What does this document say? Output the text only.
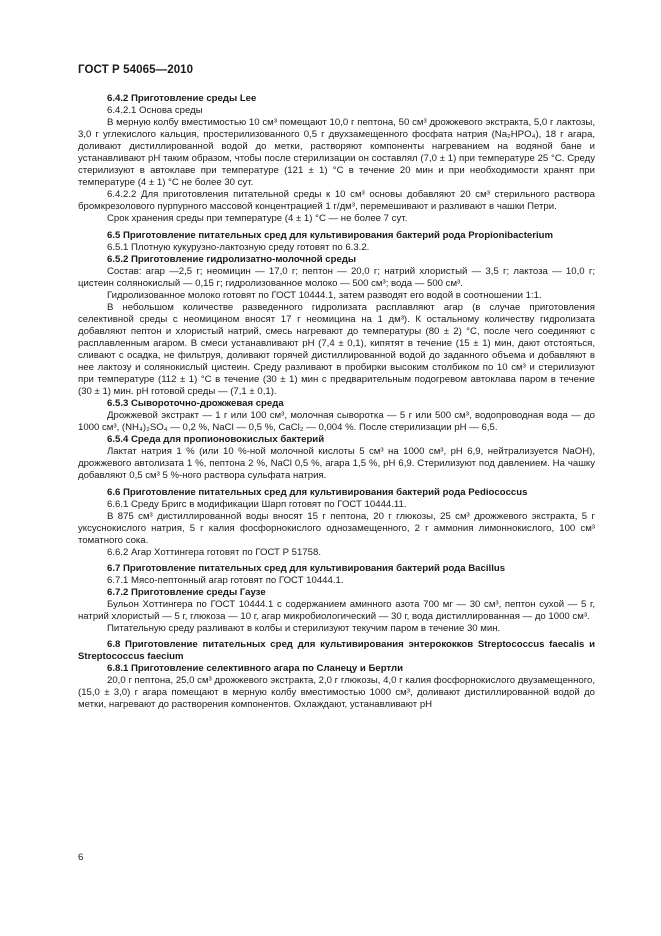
ГОСТ Р 54065—2010

6.4.2 Приготовление среды Lee

6.4.2.1 Основа среды

В мерную колбу вместимостью 10 см³ помещают 10,0 г пептона, 50 см³ дрожжевого экстракта, 5,0 г лактозы, 3,0 г углекислого кальция, простерилизованного 0,5 г двухзамещенного фосфата натрия (Na₂HPO₄), 18 г агара, доливают дистиллированной водой до метки, растворяют компоненты нагреванием на водяной бане и устанавливают pH таким образом, чтобы после стерилизации он составлял (7,0 ± 1) при температуре 25 °С. Среду стерилизуют в автоклаве при температуре (121 ± 1) °С в течение 20 мин и при необходимости хранят при температуре (4 ± 1) °С не более 30 сут.

6.4.2.2 Для приготовления питательной среды к 10 см³ основы добавляют 20 см³ стерильного раствора бромкрезолового пурпурного массовой концентрацией 1 г/дм³, перемешивают и разливают в чашки Петри.

Срок хранения среды при температуре (4 ± 1) °С — не более 7 сут.

6.5 Приготовление питательных сред для культивирования бактерий рода Propionibacterium

6.5.1 Плотную кукурузно-лактозную среду готовят по 6.3.2.

6.5.2 Приготовление гидролизатно-молочной среды

Состав: агар —2,5 г; неомицин — 17,0 г; пептон — 20,0 г; натрий хлористый — 3,5 г; лактоза — 10,0 г; цистеин солянокислый — 0,15 г; гидролизованное молоко — 500 см³; вода — 500 см³.

Гидролизованное молоко готовят по ГОСТ 10444.1, затем разводят его водой в соотношении 1:1.

В небольшом количестве разведенного гидролизата расплавляют агар (в случае приготовления селективной среды с неомицином вносят 17 г неомицина на 1 дм³). К остальному количеству гидролизата добавляют пептон и хлористый натрий, смесь нагревают до температуры (80 ± 2) °С, после чего соединяют с расплавленным агаром. В смеси устанавливают pH (7,4 ± 0,1), кипятят в течение (15 ± 1) мин, дают отстояться, сливают с осадка, не фильтруя, доливают горячей дистиллированной водой до заданного объема и добавляют в нее лактозу и солянокислый цистеин. Среду разливают в пробирки высоким столбиком по 10 см³ и стерилизуют при температуре (112 ± 1) °С в течение (30 ± 1) мин с предварительным подогревом автоклава паром в течение (30 ± 1) мин. pH готовой среды — (7,1 ± 0,1).

6.5.3 Сывороточно-дрожжевая среда

Дрожжевой экстракт — 1 г или 100 см³, молочная сыворотка — 5 г или 500 см³, водопроводная вода — до 1000 см³, (NH₄)₂SO₄ — 0,2 %, NaCl — 0,5 %, CaCl₂ — 0,004 %. После стерилизации pH — 6,5.

6.5.4 Среда для пропионовокислых бактерий

Лактат натрия 1 % (или 10 %-ной молочной кислоты 5 см³ на 1000 см³, pH 6,9, нейтрализуется NaOH), дрожжевого автолизата 1 %, пептона 2 %, NaCl 0,5 %, агара 1,5 %, pH 6,9. Стерилизуют под давлением. На чашку добавляют 0,5 см³ 5 %-ного раствора сульфата натрия.

6.6 Приготовление питательных сред для культивирования бактерий рода Pediococcus

6.6.1 Среду Бригс в модификации Шарп готовят по ГОСТ 10444.11.

В 875 см³ дистиллированной воды вносят 15 г пептона, 20 г глюкозы, 25 см³ дрожжевого экстракта, 5 г уксуснокислого натрия, 5 г калия фосфорнокислого однозамещенного, 2 г аммония лимоннокислого, 100 см³ томатного сока.

6.6.2 Агар Хоттингера готовят по ГОСТ Р 51758.

6.7 Приготовление питательных сред для культивирования бактерий рода Bacillus

6.7.1 Мясо-пептонный агар готовят по ГОСТ 10444.1.

6.7.2 Приготовление среды Гаузе

Бульон Хоттингера по ГОСТ 10444.1 с содержанием аминного азота 700 мг — 30 см³, пептон сухой — 5 г, натрий хлористый — 5 г, глюкоза — 10 г, агар микробиологический — 30 г, вода дистиллированная — до 1000 см³.

Питательную среду разливают в колбы и стерилизуют текучим паром в течение 30 мин.

6.8 Приготовление питательных сред для культивирования энтерококков Streptococcus faecalis и Streptococcus faecium

6.8.1 Приготовление селективного агара по Сланецу и Бертли

20,0 г пептона, 25,0 см³ дрожжевого экстракта, 2,0 г глюкозы, 4,0 г калия фосфорнокислого двузамещенного, (15,0 ± 3,0) г агара помещают в мерную колбу вместимостью 1000 см³, доливают дистиллированной водой до метки, нагревают до растворения компонентов. Охлаждают, устанавливают pH

6
